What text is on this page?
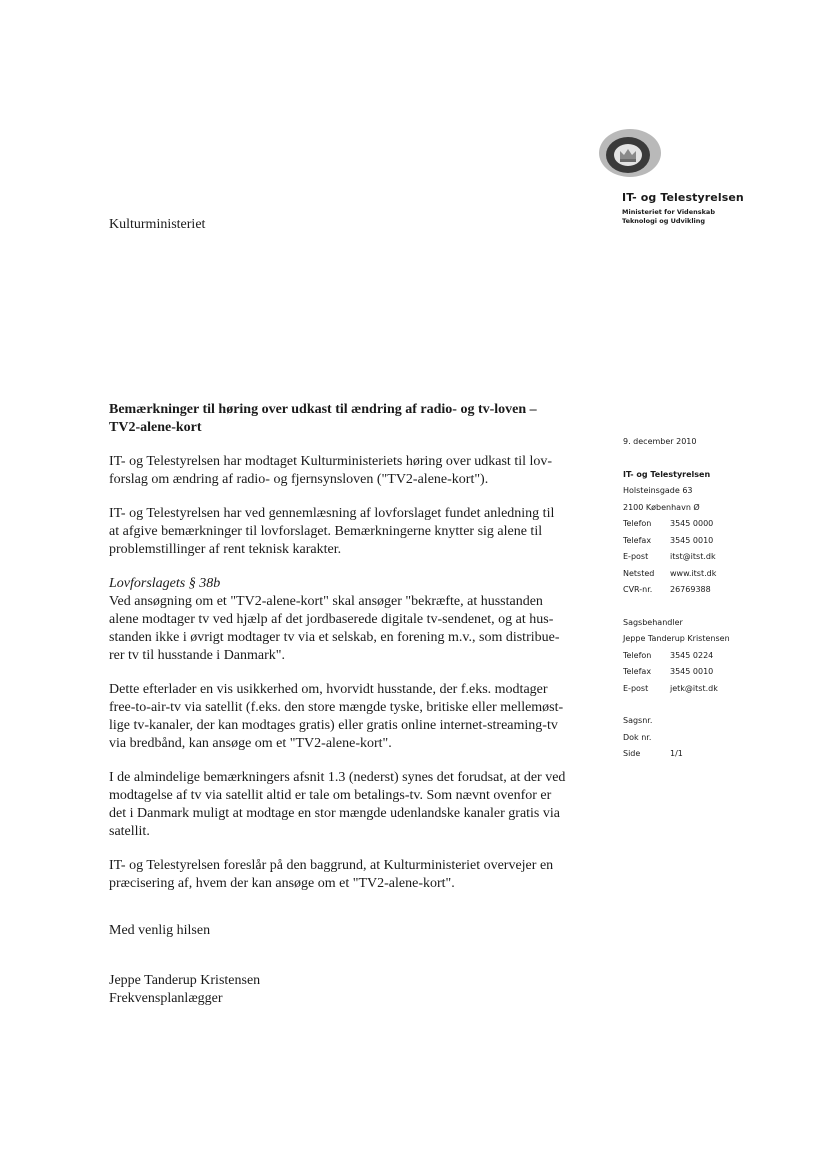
IT- og Telestyrelsen
Ministeriet for Videnskab
Teknologi og Udvikling
Kulturministeriet
Bemærkninger til høring over udkast til ændring af radio- og tv-loven –
TV2-alene-kort
IT- og Telestyrelsen har modtaget Kulturministeriets høring over udkast til lov-
forslag om ændring af radio- og fjernsynsloven ("TV2-alene-kort").
IT- og Telestyrelsen har ved gennemlæsning af lovforslaget fundet anledning til
at afgive bemærkninger til lovforslaget. Bemærkningerne knytter sig alene til
problemstillinger af rent teknisk karakter.
Lovforslagets § 38b
Ved ansøgning om et "TV2-alene-kort" skal ansøger "bekræfte, at husstanden
alene modtager tv ved hjælp af det jordbaserede digitale tv-sendenet, og at hus-
standen ikke i øvrigt modtager tv via et selskab, en forening m.v., som distribue-
rer tv til husstande i Danmark".
Dette efterlader en vis usikkerhed om, hvorvidt husstande, der f.eks. modtager
free-to-air-tv via satellit (f.eks. den store mængde tyske, britiske eller mellemøst-
lige tv-kanaler, der kan modtages gratis) eller gratis online internet-streaming-tv
via bredbånd, kan ansøge om et "TV2-alene-kort".
I de almindelige bemærkningers afsnit 1.3 (nederst) synes det forudsat, at der ved
modtagelse af tv via satellit altid er tale om betalings-tv. Som nævnt ovenfor er
det i Danmark muligt at modtage en stor mængde udenlandske kanaler gratis via
satellit.
IT- og Telestyrelsen foreslår på den baggrund, at Kulturministeriet overvejer en
præcisering af, hvem der kan ansøge om et "TV2-alene-kort".
Med venlig hilsen
Jeppe Tanderup Kristensen
Frekvensplanlægger
9. december 2010
IT- og Telestyrelsen
Holsteinsgade 63
2100 København Ø
Telefon	3545 0000
Telefax	3545 0010
E-post	itst@itst.dk
Netsted	www.itst.dk
CVR-nr.	26769388
Sagsbehandler
Jeppe Tanderup Kristensen
Telefon	3545 0224
Telefax	3545 0010
E-post	jetk@itst.dk
Sagsnr.
Dok nr.
Side	1/1
